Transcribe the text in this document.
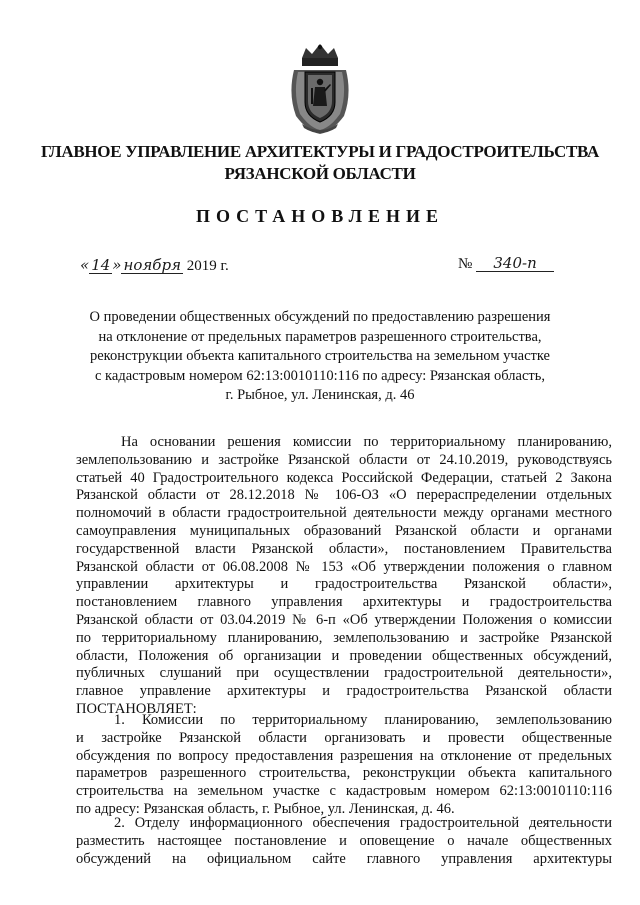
ГЛАВНОЕ УПРАВЛЕНИЕ АРХИТЕКТУРЫ И ГРАДОСТРОИТЕЛЬСТВА

РЯЗАНСКОЙ ОБЛАСТИ

ПОСТАНОВЛЕНИЕ

« 14 » ноября 2019 г.	№ 340-п

О проведении общественных обсуждений по предоставлению разрешения
на отклонение от предельных параметров разрешенного строительства,
реконструкции объекта капитального строительства на земельном участке
с кадастровым номером 62:13:0010110:116 по адресу: Рязанская область,
г. Рыбное, ул. Ленинская, д. 46

На основании решения комиссии по территориальному планированию,
землепользованию и застройке Рязанской области от 24.10.2019, руководствуясь
статьей 40 Градостроительного кодекса Российской Федерации, статьей 2 Закона
Рязанской области от 28.12.2018 № 106-ОЗ «О перераспределении отдельных
полномочий в области градостроительной деятельности между органами местного
самоуправления муниципальных образований Рязанской области и органами
государственной власти Рязанской области», постановлением Правительства
Рязанской области от 06.08.2008 № 153 «Об утверждении положения о главном
управлении архитектуры и градостроительства Рязанской области»,
постановлением главного управления архитектуры и градостроительства
Рязанской области от 03.04.2019 № 6-п «Об утверждении Положения о комиссии
по территориальному планированию, землепользованию и застройке Рязанской
области, Положения об организации и проведении общественных обсуждений,
публичных слушаний при осуществлении градостроительной деятельности»,
главное управление архитектуры и градостроительства Рязанской области
ПОСТАНОВЛЯЕТ:

1. Комиссии по территориальному планированию, землепользованию
и застройке Рязанской области организовать и провести общественные
обсуждения по вопросу предоставления разрешения на отклонение от предельных
параметров разрешенного строительства, реконструкции объекта капитального
строительства на земельном участке с кадастровым номером 62:13:0010110:116
по адресу: Рязанская область, г. Рыбное, ул. Ленинская, д. 46.

2. Отделу информационного обеспечения градостроительной деятельности
разместить настоящее постановление и оповещение о начале общественных
обсуждений на официальном сайте главного управления архитектуры
